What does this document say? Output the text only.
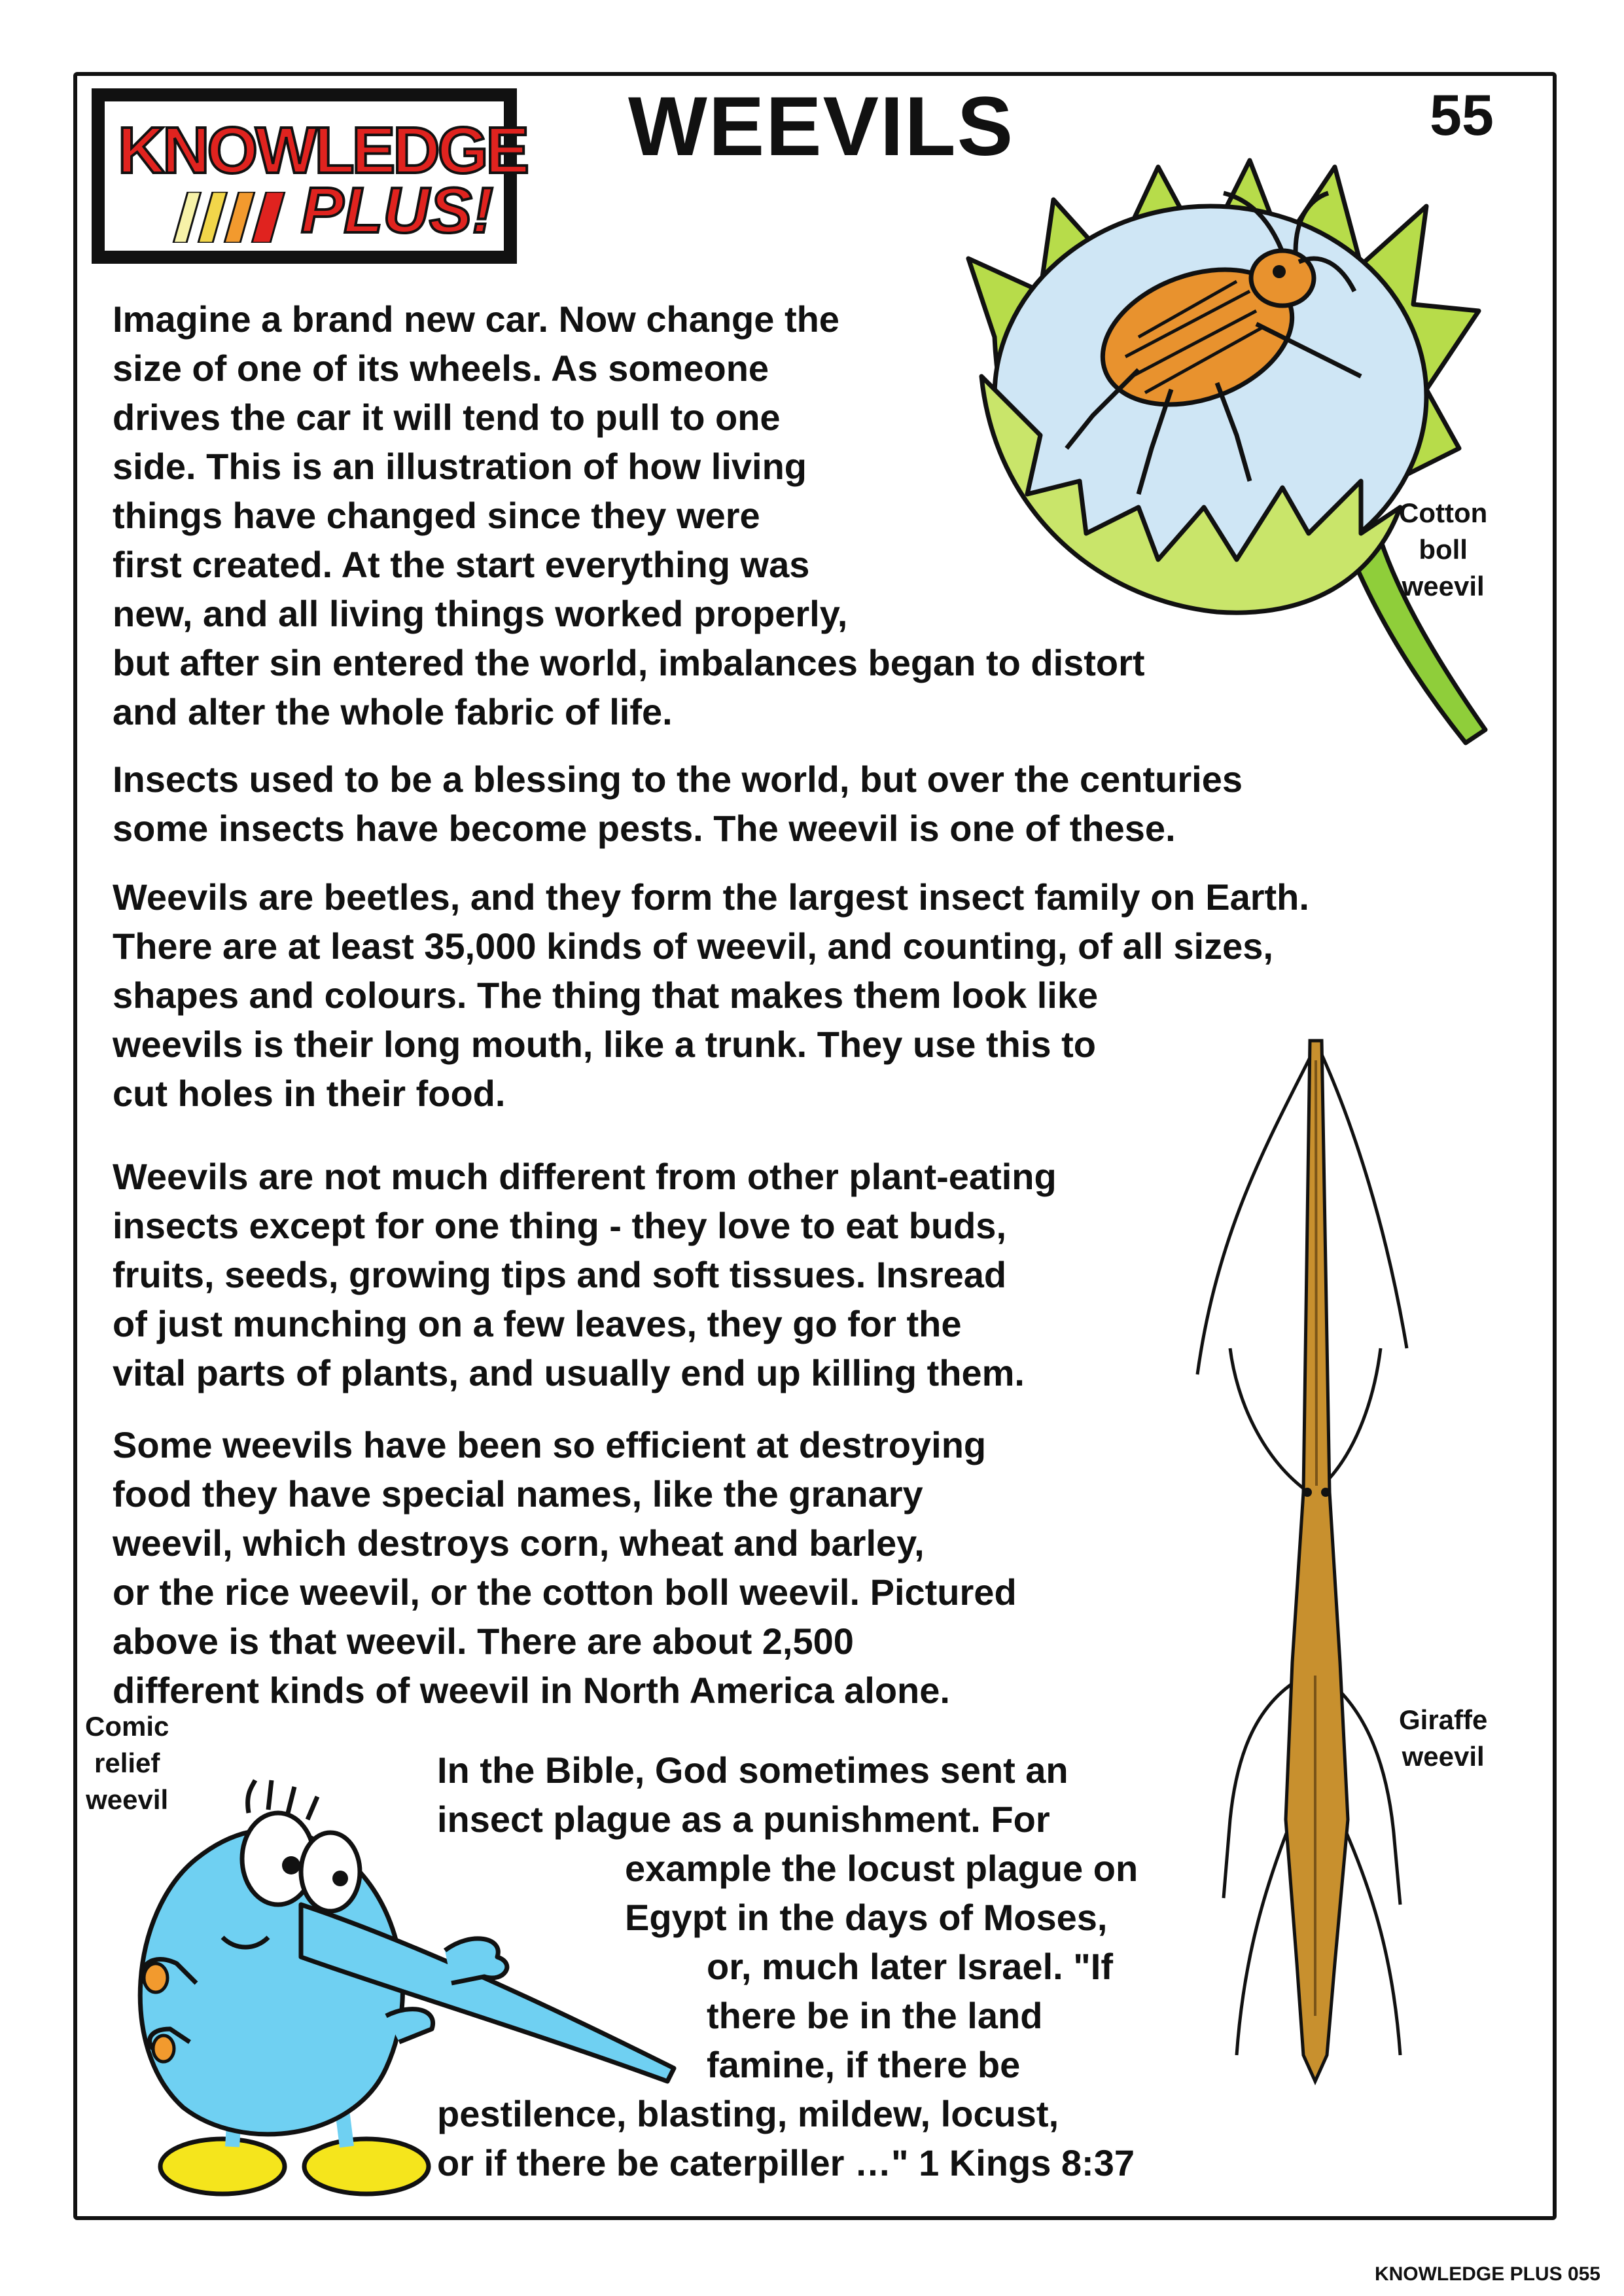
KNOWLEDGE
PLUS!
WEEVILS	55
Cotton
boll
weevil
Giraffe
weevil
Comic
relief
weevil
Imagine a brand new car. Now change the
size of one of its wheels. As someone
drives the car it will tend to pull to one
side. This is an illustration of how living
things have changed since they were
first created. At the start everything was
new, and all living things worked properly,
but after sin entered the world, imbalances began to distort
and alter the whole fabric of life.
Insects used to be a blessing to the world, but over the centuries
some insects have become pests. The weevil is one of these.
Weevils are beetles, and they form the largest insect family on Earth.
There are at least 35,000 kinds of weevil, and counting, of all sizes,
shapes and colours. The thing that makes them look like
weevils is their long mouth, like a trunk. They use this to
cut holes in their food.
Weevils are not much different from other plant-eating
insects except for one thing - they love to eat buds,
fruits, seeds, growing tips and soft tissues. Insread
of just munching on a few leaves, they go for the
vital parts of plants, and usually end up killing them.
Some weevils have been so efficient at destroying
food they have special names, like the granary
weevil, which destroys corn, wheat and barley,
or the rice weevil, or the cotton boll weevil. Pictured
above is that weevil. There are about 2,500
different kinds of weevil in North America alone.
In the Bible, God sometimes sent an
insect plague as a punishment. For
example the locust plague on
Egypt in the days of Moses,
or, much later Israel. "If
there be in the land
famine, if there be
pestilence, blasting, mildew, locust,
or if there be caterpiller …" 1 Kings 8:37
KNOWLEDGE PLUS 055
